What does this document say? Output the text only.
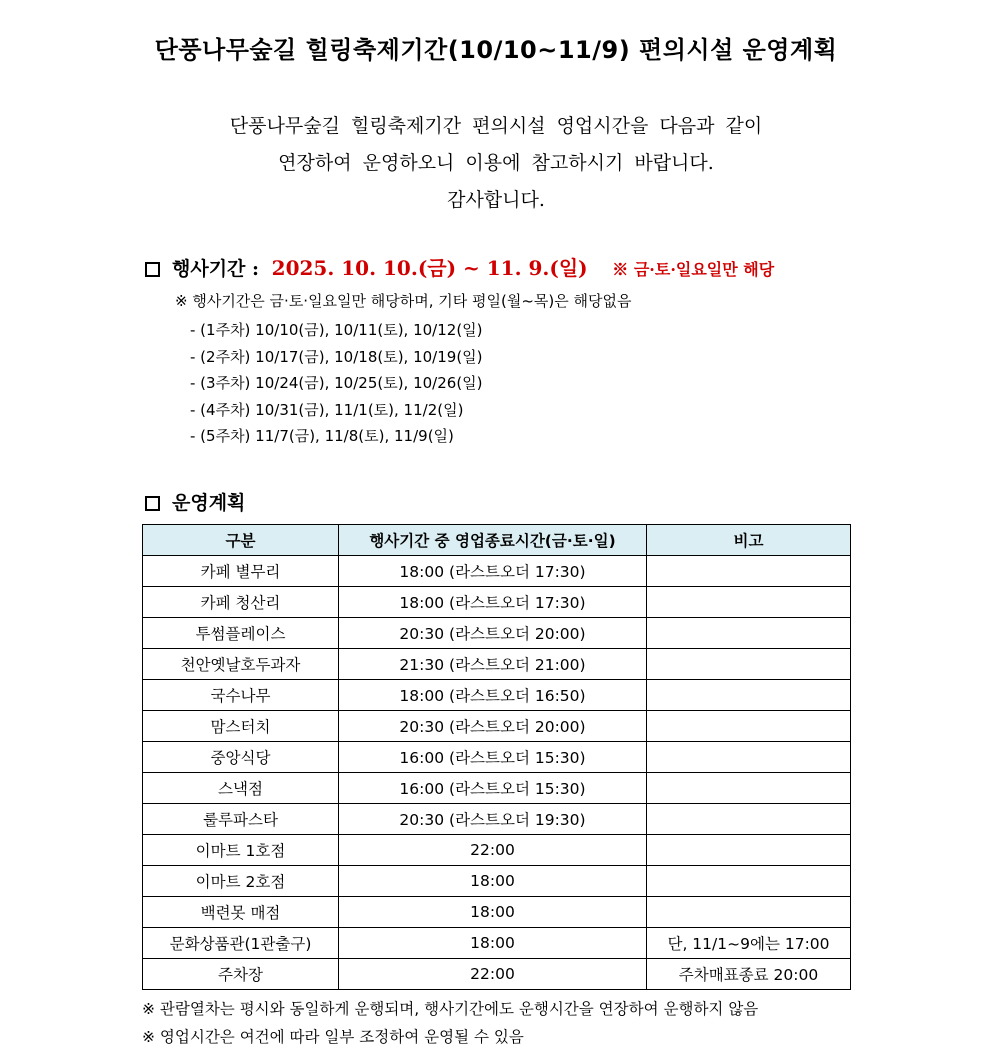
단풍나무숲길 힐링축제기간(10/10~11/9) 편의시설 운영계획
단풍나무숲길 힐링축제기간 편의시설 영업시간을 다음과 같이
연장하여 운영하오니 이용에 참고하시기 바랍니다.
감사합니다.
행사기간 : 2025. 10. 10.(금) ~ 11. 9.(일) ※ 금·토·일요일만 해당
※ 행사기간은 금·토·일요일만 해당하며, 기타 평일(월~목)은 해당없음
- (1주차) 10/10(금), 10/11(토), 10/12(일)
- (2주차) 10/17(금), 10/18(토), 10/19(일)
- (3주차) 10/24(금), 10/25(토), 10/26(일)
- (4주차) 10/31(금), 11/1(토), 11/2(일)
- (5주차) 11/7(금), 11/8(토), 11/9(일)
운영계획
구분	행사기간 중 영업종료시간(금·토·일)	비고
카페 별무리	18:00 (라스트오더 17:30)	
카페 청산리	18:00 (라스트오더 17:30)	
투썸플레이스	20:30 (라스트오더 20:00)	
천안옛날호두과자	21:30 (라스트오더 21:00)	
국수나무	18:00 (라스트오더 16:50)	
맘스터치	20:30 (라스트오더 20:00)	
중앙식당	16:00 (라스트오더 15:30)	
스낵점	16:00 (라스트오더 15:30)	
룰루파스타	20:30 (라스트오더 19:30)	
이마트 1호점	22:00	
이마트 2호점	18:00	
백련못 매점	18:00	
문화상품관(1관출구)	18:00	단, 11/1~9에는 17:00
주차장	22:00	주차매표종료 20:00
※ 관람열차는 평시와 동일하게 운행되며, 행사기간에도 운행시간을 연장하여 운행하지 않음
※ 영업시간은 여건에 따라 일부 조정하여 운영될 수 있음
